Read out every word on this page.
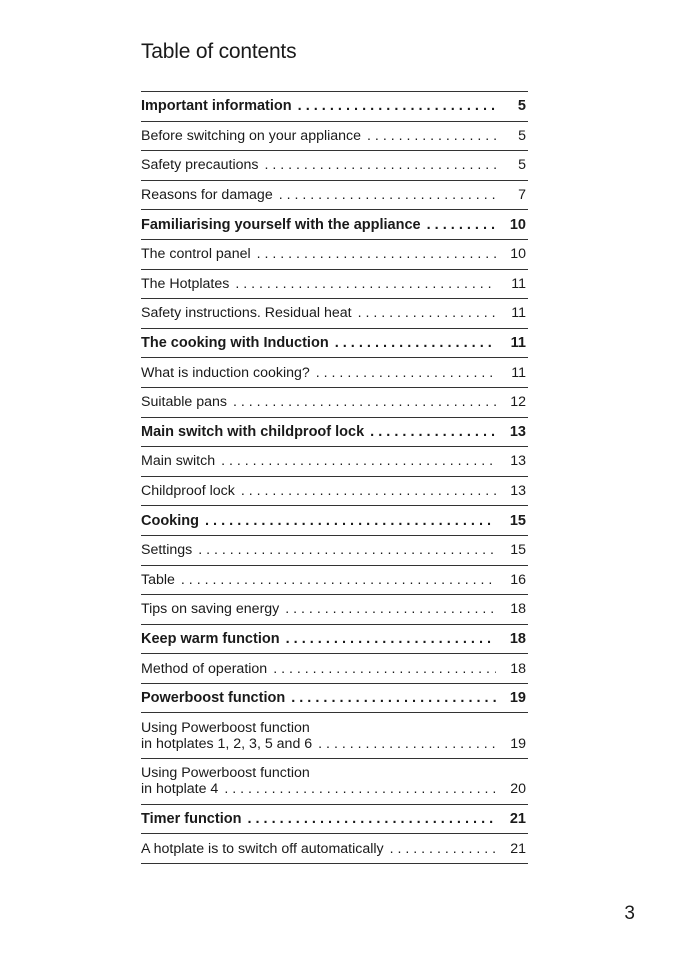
Table of contents
Important information . . .	5
Before switching on your appliance . . .	5
Safety precautions . . .	5
Reasons for damage . . .	7
Familiarising yourself with the appliance . . .	10
The control panel . . .	10
The Hotplates . . .	11
Safety instructions. Residual heat . . .	11
The cooking with Induction . . .	11
What is induction cooking? . . .	11
Suitable pans . . .	12
Main switch with childproof lock . . .	13
Main switch . . .	13
Childproof lock . . .	13
Cooking . . .	15
Settings . . .	15
Table . . .	16
Tips on saving energy . . .	18
Keep warm function . . .	18
Method of operation . . .	18
Powerboost function . . .	19
Using Powerboost function
in hotplates 1, 2, 3, 5 and 6 . . .	19
Using Powerboost function
in hotplate 4 . . .	20
Timer function . . .	21
A hotplate is to switch off automatically . . .	21
3
